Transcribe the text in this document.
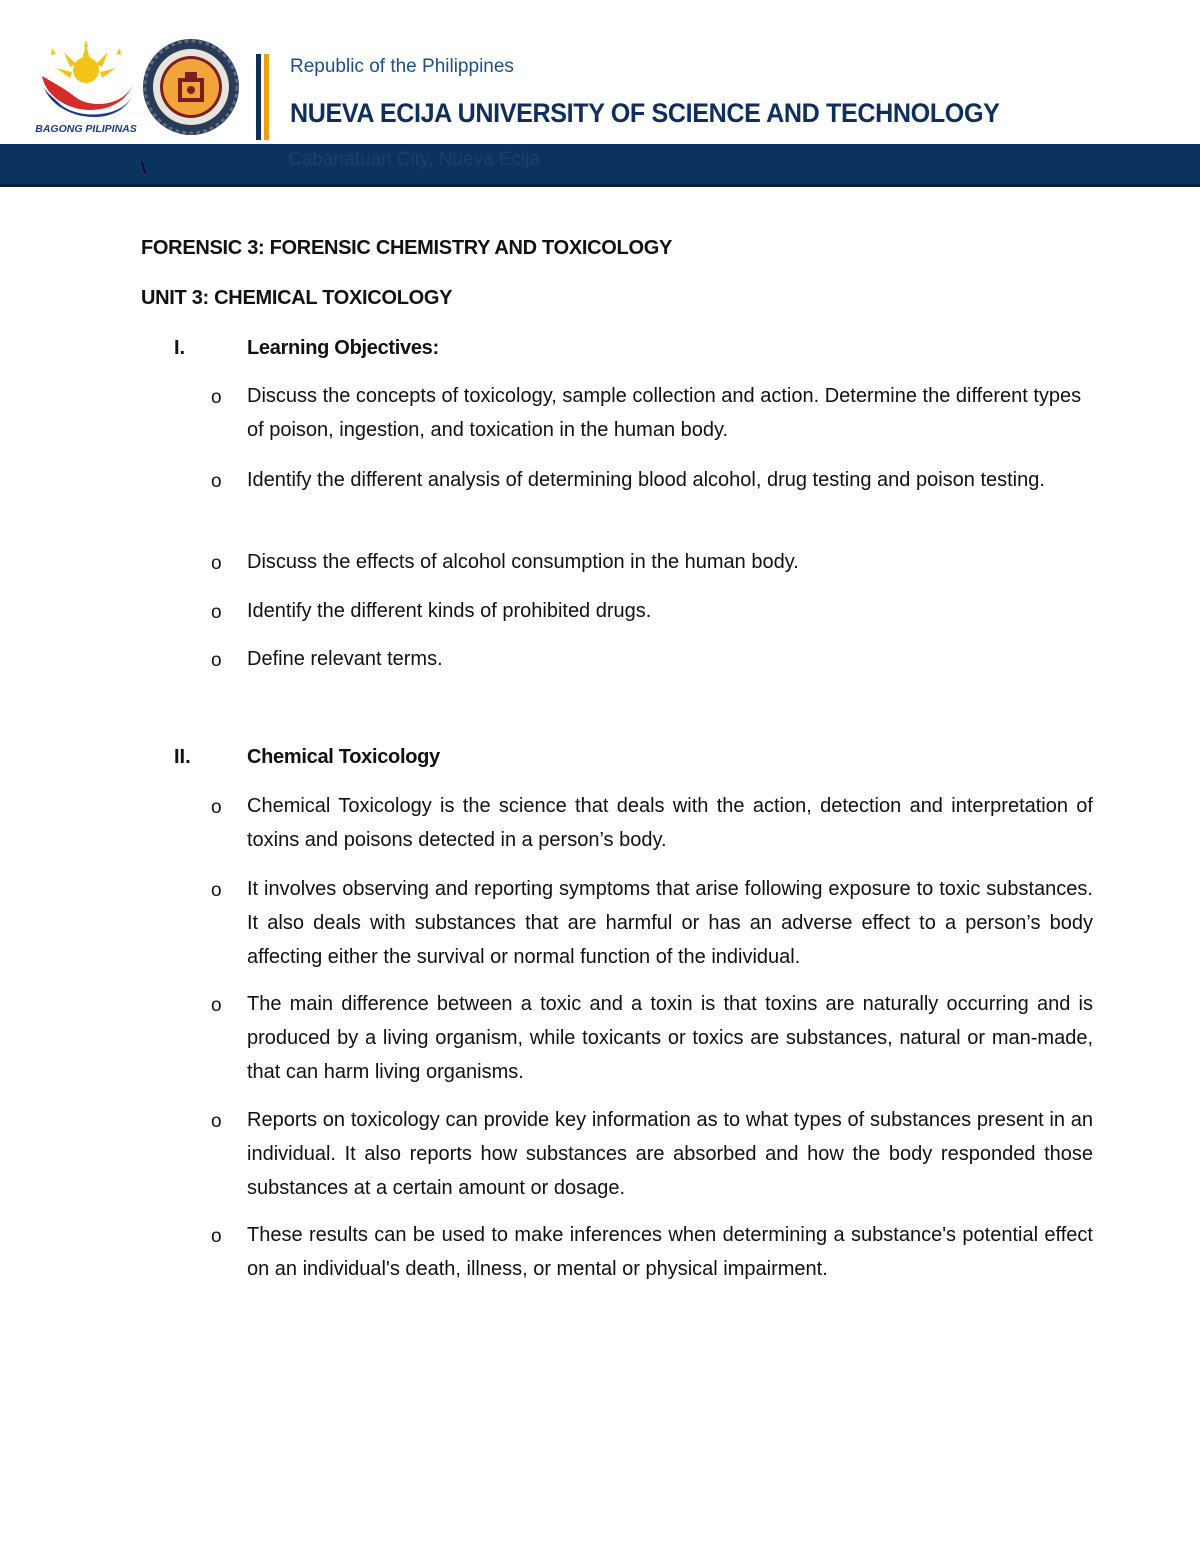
BAGONG PILIPINAS
Republic of the Philippines
NUEVA ECIJA UNIVERSITY OF SCIENCE AND TECHNOLOGY
Cabanatuan City, Nueva Ecija
\
FORENSIC 3: FORENSIC CHEMISTRY AND TOXICOLOGY
UNIT 3: CHEMICAL TOXICOLOGY
I.	Learning Objectives:
o Discuss the concepts of toxicology, sample collection and action. Determine the different types of poison, ingestion, and toxication in the human body.
o Identify the different analysis of determining blood alcohol, drug testing and poison testing.
o Discuss the effects of alcohol consumption in the human body.
o Identify the different kinds of prohibited drugs.
o Define relevant terms.
II.	Chemical Toxicology
o Chemical Toxicology is the science that deals with the action, detection and interpretation of toxins and poisons detected in a person’s body.
o It involves observing and reporting symptoms that arise following exposure to toxic substances. It also deals with substances that are harmful or has an adverse effect to a person’s body affecting either the survival or normal function of the individual.
o The main difference between a toxic and a toxin is that toxins are naturally occurring and is produced by a living organism, while toxicants or toxics are substances, natural or man-made, that can harm living organisms.
o Reports on toxicology can provide key information as to what types of substances present in an individual. It also reports how substances are absorbed and how the body responded those substances at a certain amount or dosage.
o These results can be used to make inferences when determining a substance's potential effect on an individual's death, illness, or mental or physical impairment.
